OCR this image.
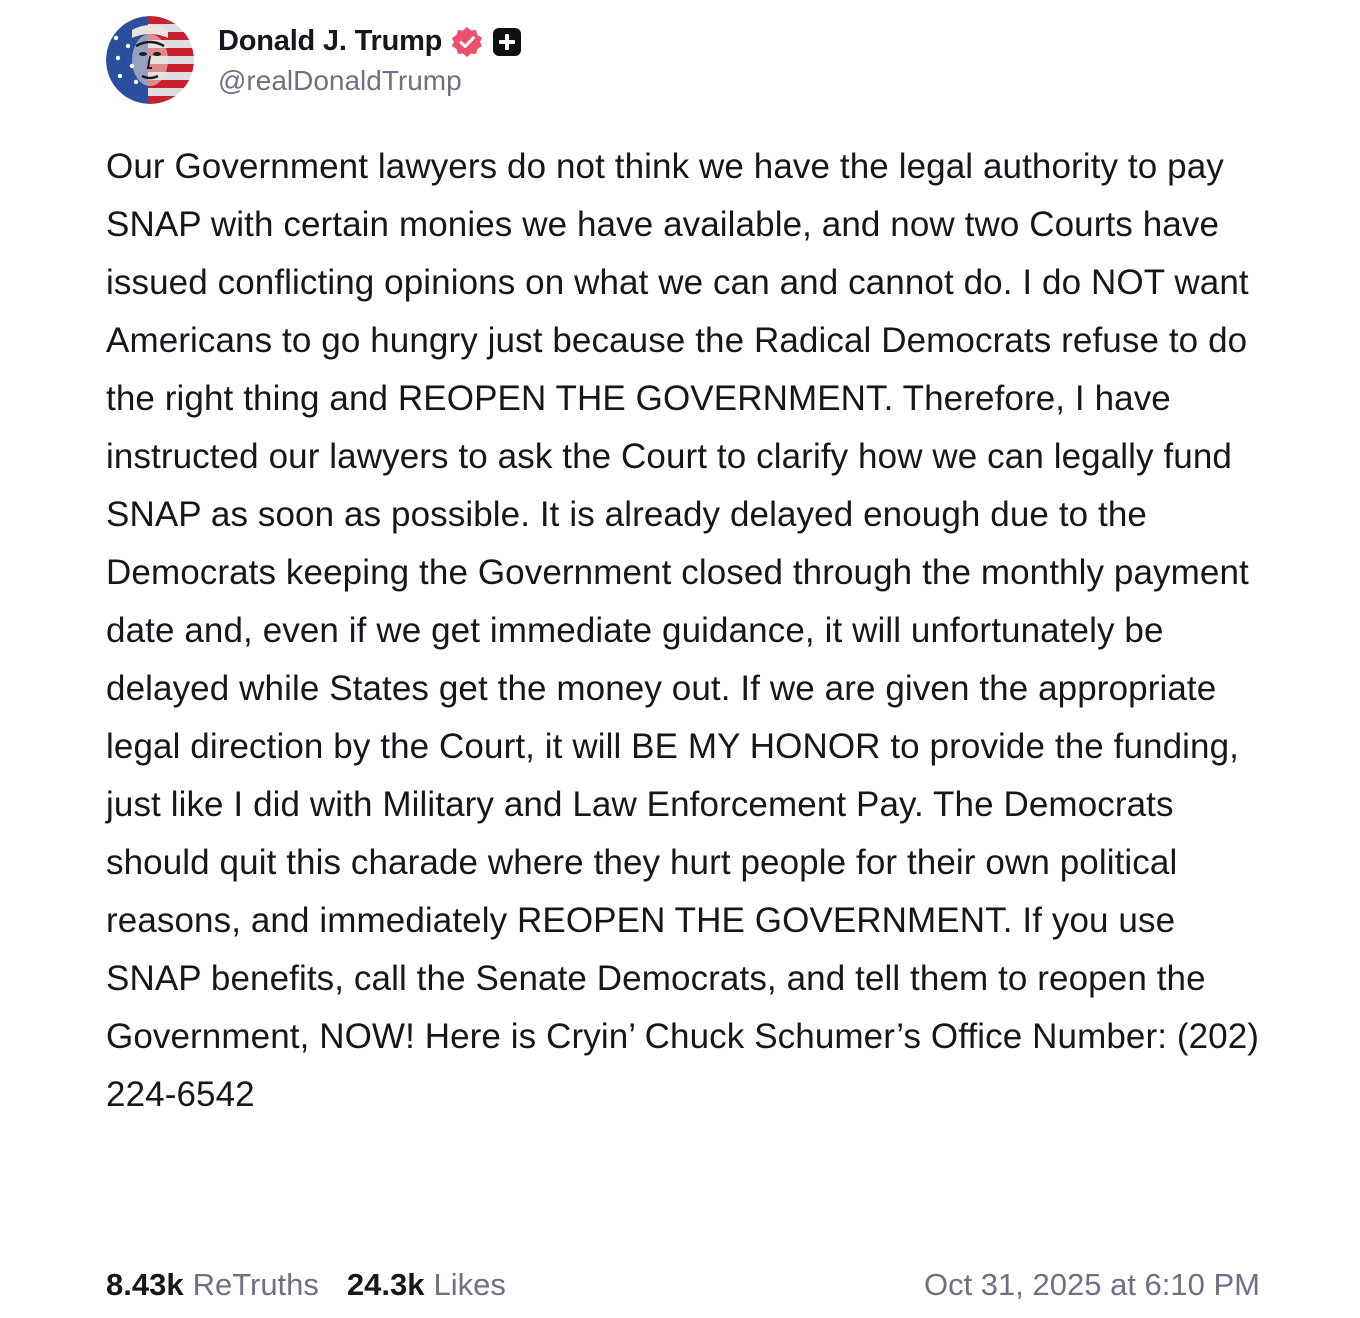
Donald J. Trump
@realDonaldTrump
Our Government lawyers do not think we have the legal authority to pay SNAP with certain monies we have available, and now two Courts have issued conflicting opinions on what we can and cannot do. I do NOT want Americans to go hungry just because the Radical Democrats refuse to do the right thing and REOPEN THE GOVERNMENT. Therefore, I have instructed our lawyers to ask the Court to clarify how we can legally fund SNAP as soon as possible. It is already delayed enough due to the Democrats keeping the Government closed through the monthly payment date and, even if we get immediate guidance, it will unfortunately be delayed while States get the money out. If we are given the appropriate legal direction by the Court, it will BE MY HONOR to provide the funding, just like I did with Military and Law Enforcement Pay. The Democrats should quit this charade where they hurt people for their own political reasons, and immediately REOPEN THE GOVERNMENT. If you use SNAP benefits, call the Senate Democrats, and tell them to reopen the Government, NOW! Here is Cryin’ Chuck Schumer’s Office Number: (202) 224-6542
8.43k ReTruths 24.3k Likes	Oct 31, 2025 at 6:10 PM
